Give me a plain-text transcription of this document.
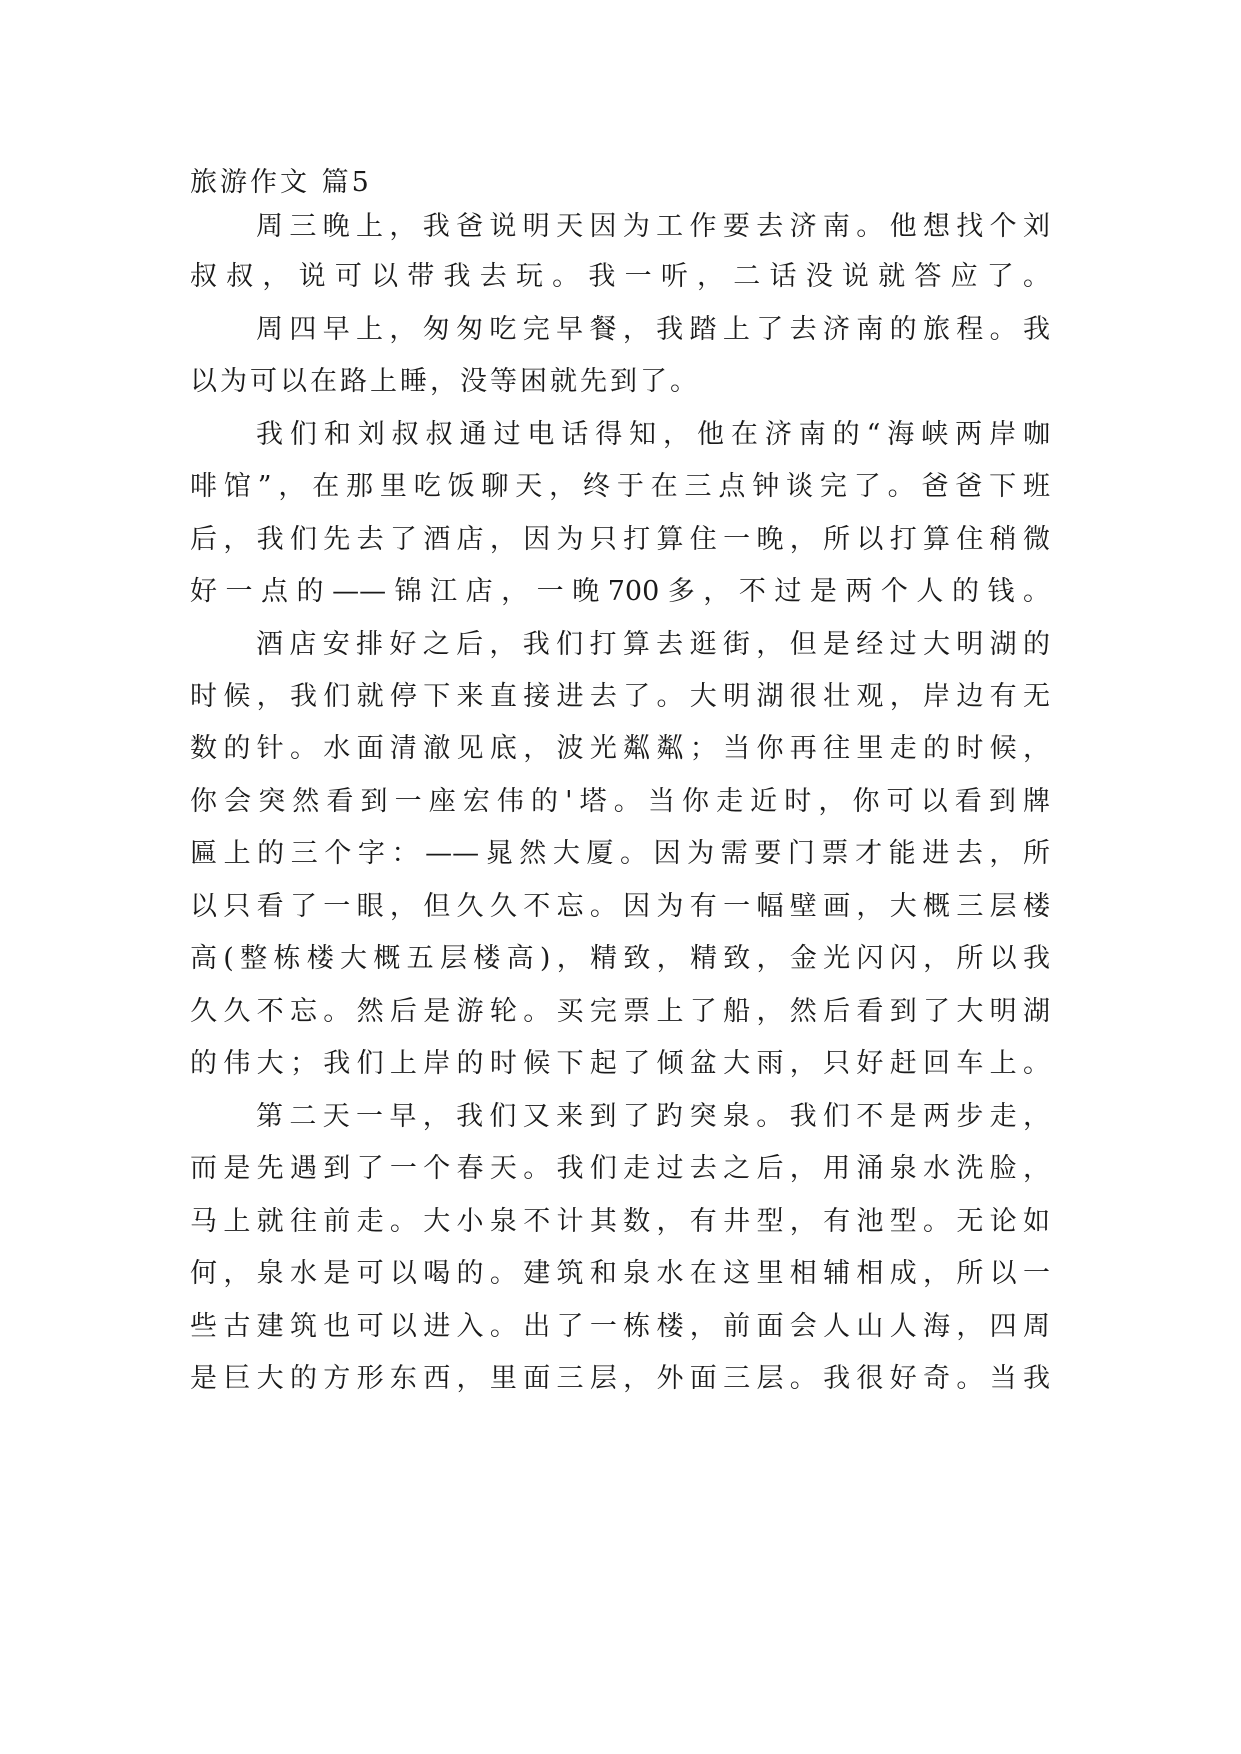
旅游作文 篇5
周三晚上，我爸说明天因为工作要去济南。他想找个刘
叔叔，说可以带我去玩。我一听，二话没说就答应了。
周四早上，匆匆吃完早餐，我踏上了去济南的旅程。我
以为可以在路上睡，没等困就先到了。
我们和刘叔叔通过电话得知，他在济南的“海峡两岸咖
啡馆”，在那里吃饭聊天，终于在三点钟谈完了。爸爸下班
后，我们先去了酒店，因为只打算住一晚，所以打算住稍微
好一点的——锦江店，一晚700多，不过是两个人的钱。
酒店安排好之后，我们打算去逛街，但是经过大明湖的
时候，我们就停下来直接进去了。大明湖很壮观，岸边有无
数的针。水面清澈见底，波光粼粼；当你再往里走的时候，
你会突然看到一座宏伟的'塔。当你走近时，你可以看到牌
匾上的三个字：——晁然大厦。因为需要门票才能进去，所
以只看了一眼，但久久不忘。因为有一幅壁画，大概三层楼
高(整栋楼大概五层楼高)，精致，精致，金光闪闪，所以我
久久不忘。然后是游轮。买完票上了船，然后看到了大明湖
的伟大；我们上岸的时候下起了倾盆大雨，只好赶回车上。
第二天一早，我们又来到了趵突泉。我们不是两步走，
而是先遇到了一个春天。我们走过去之后，用涌泉水洗脸，
马上就往前走。大小泉不计其数，有井型，有池型。无论如
何，泉水是可以喝的。建筑和泉水在这里相辅相成，所以一
些古建筑也可以进入。出了一栋楼，前面会人山人海，四周
是巨大的方形东西，里面三层，外面三层。我很好奇。当我
